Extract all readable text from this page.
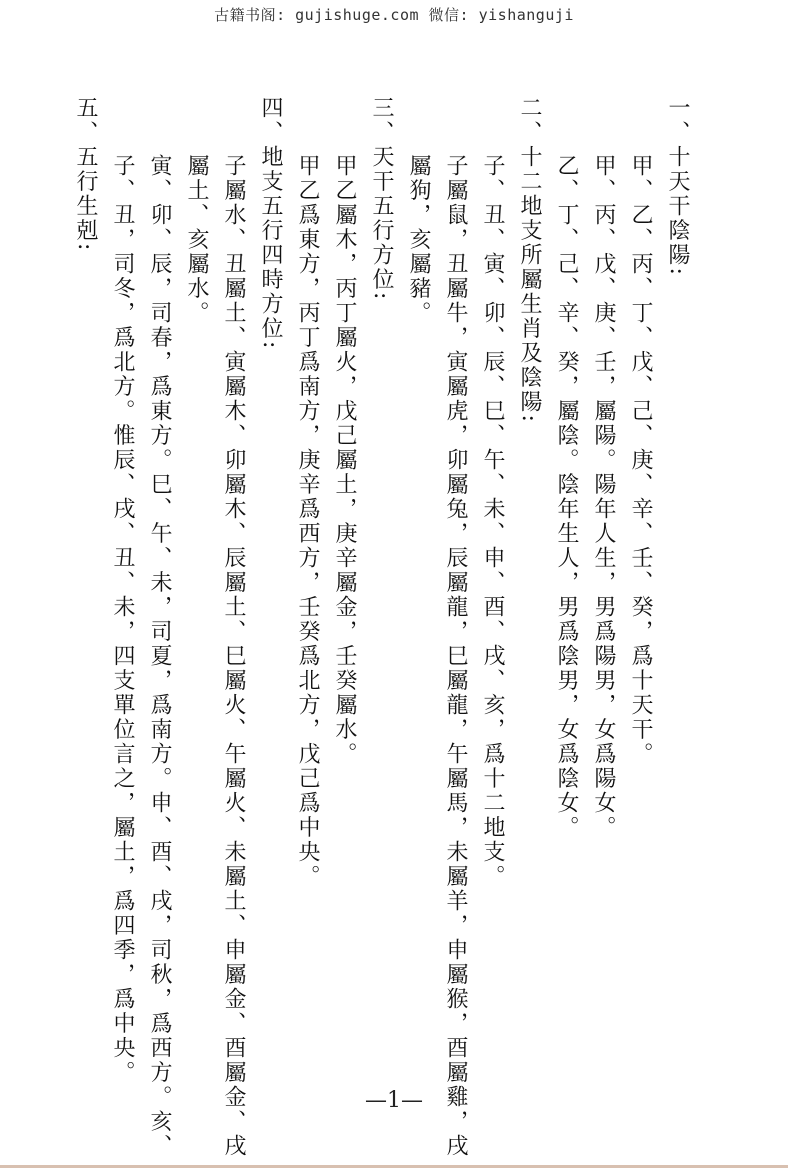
古籍书阁: gujishuge.com 微信: yishanguji
一、十天干陰陽:
甲、乙、丙、丁、戊、己、庚、辛、壬、癸，爲十天干。
甲、丙、戊、庚、壬，屬陽。陽年人生，男爲陽男，女爲陽女。
乙、丁、己、辛、癸，屬陰。陰年生人，男爲陰男，女爲陰女。
二、十二地支所屬生肖及陰陽:
子、丑、寅、卯、辰、巳、午、未、申、酉、戌、亥，爲十二地支。
子屬鼠，丑屬牛，寅屬虎，卯屬兔，辰屬龍，巳屬龍，午屬馬，未屬羊，申屬猴，酉屬雞，戌
屬狗，亥屬豬。
三、天干五行方位:
甲乙屬木，丙丁屬火，戊己屬土，庚辛屬金，壬癸屬水。
甲乙爲東方，丙丁爲南方，庚辛爲西方，壬癸爲北方，戊己爲中央。
四、地支五行四時方位:
子屬水、丑屬土、寅屬木、卯屬木、辰屬土、巳屬火、午屬火、未屬土、申屬金、酉屬金、戌
屬土、亥屬水。
寅、卯、辰，司春，爲東方。巳、午、未，司夏，爲南方。申、酉、戌，司秋，爲西方。亥、
子、丑，司冬，爲北方。惟辰、戌、丑、未，四支單位言之，屬土，爲四季，爲中央。
五、五行生剋:
—1—
